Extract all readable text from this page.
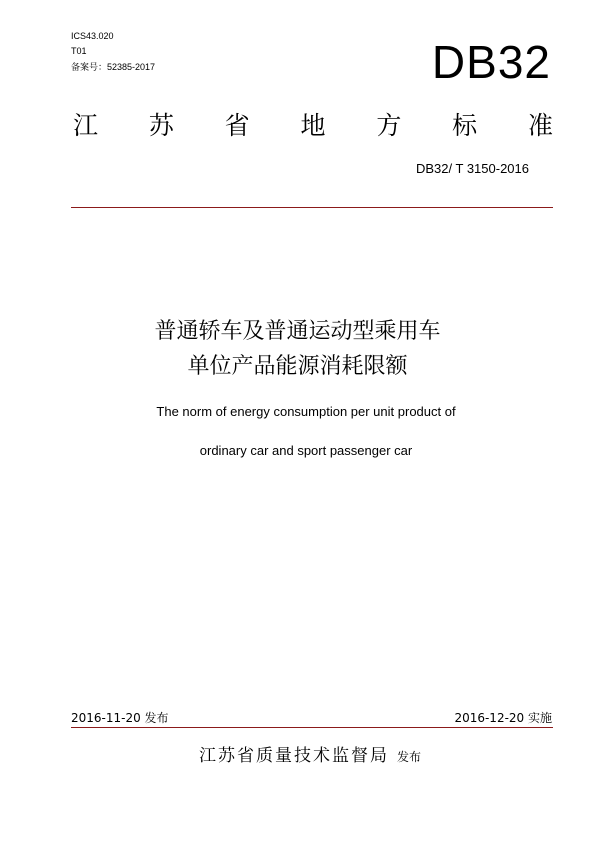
ICS43.020
T01
备案号：52385-2017	DB32
江 苏 省 地 方 标 准
DB32/ T 3150-2016
普通轿车及普通运动型乘用车
单位产品能源消耗限额
The norm of energy consumption per unit product of
ordinary car and sport passenger car
2016-11-20 发布	2016-12-20 实施
江苏省质量技术监督局 发布
